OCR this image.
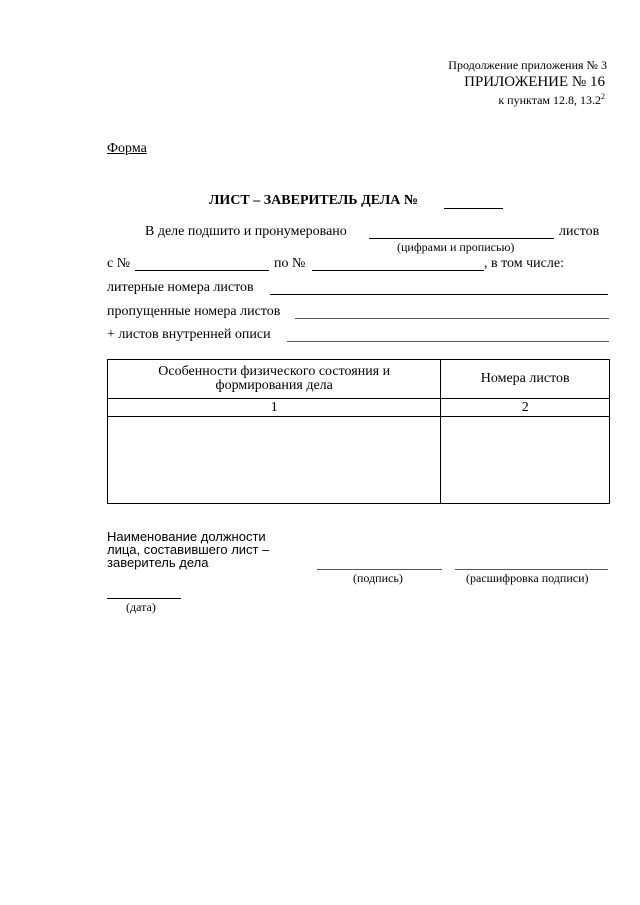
Продолжение приложения № 3
ПРИЛОЖЕНИЕ № 16
к пунктам 12.8, 13.2$^2$
Форма
ЛИСТ – ЗАВЕРИТЕЛЬ ДЕЛА №
В деле подшито и пронумеровано	листов
(цифрами и прописью)
с №	по №	, в том числе:
литерные номера листов
пропущенные номера листов
+ листов внутренней описи
Особенности физического состояния и формирования дела	Номера листов
1	2

Наименование должности
лица, составившего лист –
заверитель дела
(подпись)	(расшифровка подписи)
(дата)
